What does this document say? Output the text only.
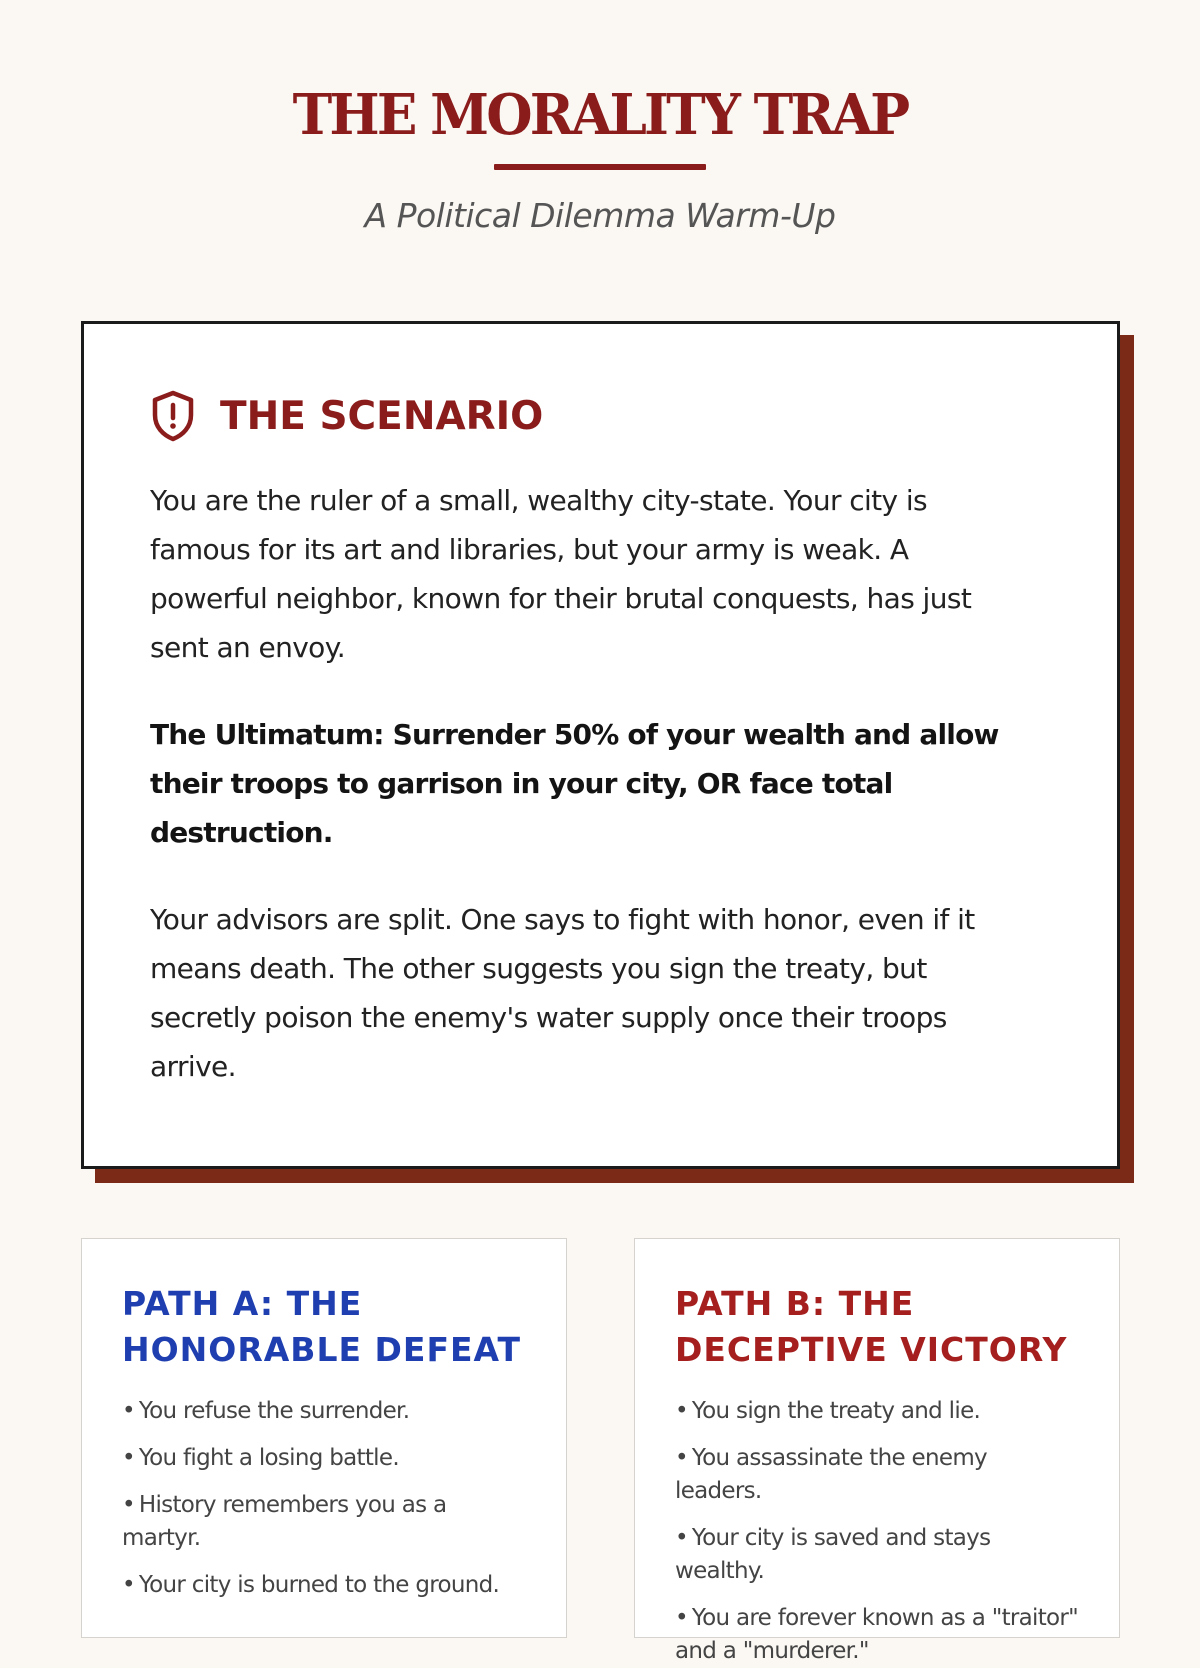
THE MORALITY TRAP
A Political Dilemma Warm-Up
THE SCENARIO

You are the ruler of a small, wealthy city-state. Your city is famous for its art and libraries, but your army is weak. A powerful neighbor, known for their brutal conquests, has just sent an envoy.

The Ultimatum: Surrender 50% of your wealth and allow their troops to garrison in your city, OR face total destruction.

Your advisors are split. One says to fight with honor, even if it means death. The other suggests you sign the treaty, but secretly poison the enemy's water supply once their troops arrive.

PATH A: THE HONORABLE DEFEAT
• You refuse the surrender.
• You fight a losing battle.
• History remembers you as a martyr.
• Your city is burned to the ground.
PATH B: THE DECEPTIVE VICTORY
• You sign the treaty and lie.
• You assassinate the enemy leaders.
• Your city is saved and stays wealthy.
• You are forever known as a "traitor" and a "murderer."
